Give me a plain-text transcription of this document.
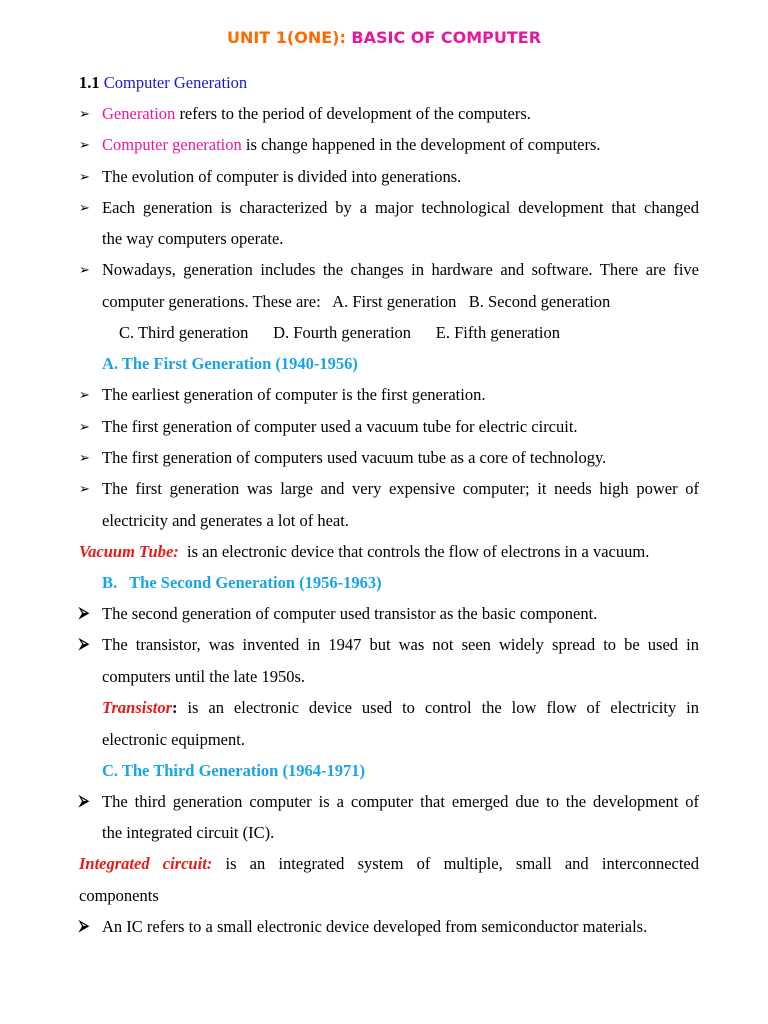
UNIT 1(ONE): BASIC OF COMPUTER
1.1 Computer Generation
➢ Generation refers to the period of development of the computers.
➢ Computer generation is change happened in the development of computers.
➢ The evolution of computer is divided into generations.
➢ Each generation is characterized by a major technological development that changed
the way computers operate.
➢ Nowadays, generation includes the changes in hardware and software. There are five
computer generations. These are:   A. First generation   B. Second generation
C. Third generation      D. Fourth generation      E. Fifth generation
A. The First Generation (1940-1956)
➢ The earliest generation of computer is the first generation.
➢ The first generation of computer used a vacuum tube for electric circuit.
➢ The first generation of computers used vacuum tube as a core of technology.
➢ The first generation was large and very expensive computer; it needs high power of
electricity and generates a lot of heat.
Vacuum Tube:  is an electronic device that controls the flow of electrons in a vacuum.
B. The Second Generation (1956-1963)
⮚ The second generation of computer used transistor as the basic component.
⮚ The transistor, was invented in 1947 but was not seen widely spread to be used in
computers until the late 1950s.
Transistor: is an electronic device used to control the low flow of electricity in
electronic equipment.
C. The Third Generation (1964-1971)
⮚ The third generation computer is a computer that emerged due to the development of
the integrated circuit (IC).
Integrated circuit: is an integrated system of multiple, small and interconnected
components
⮚ An IC refers to a small electronic device developed from semiconductor materials.
